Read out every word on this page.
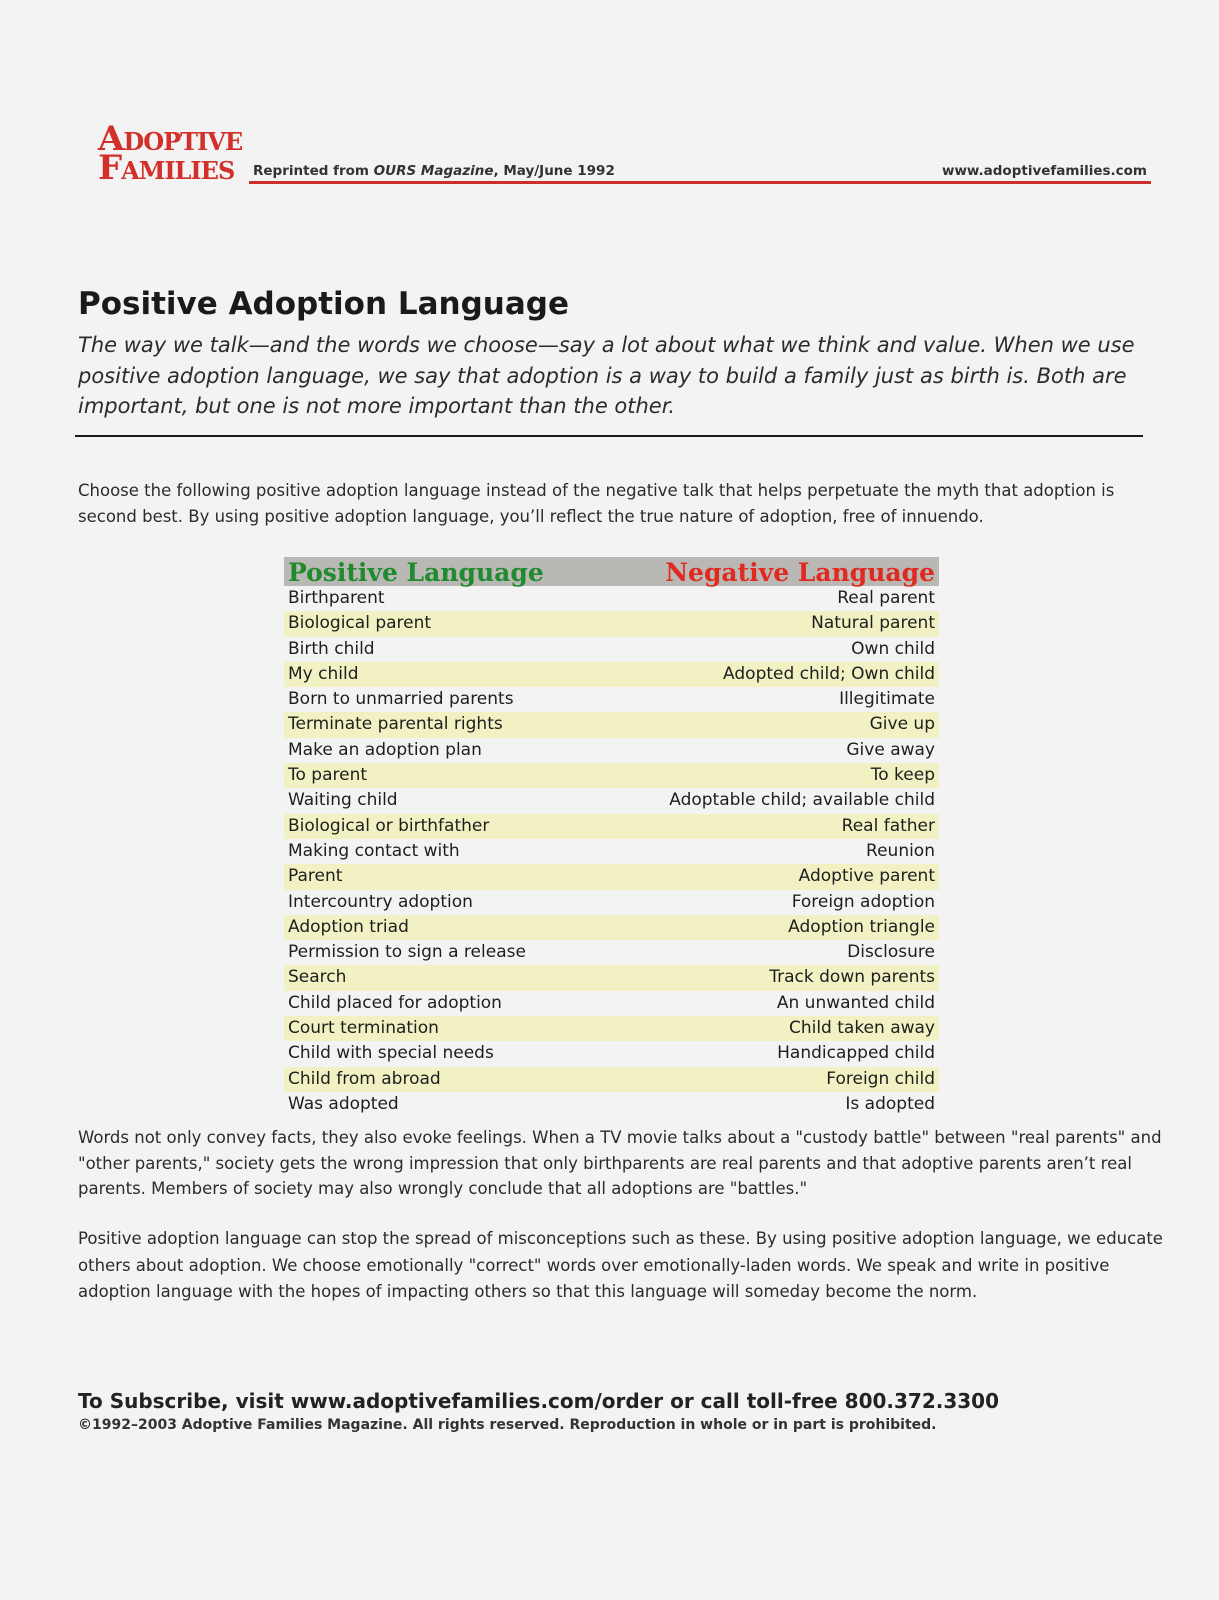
Adoptive
Families	Reprinted from OURS Magazine, May/June 1992	www.adoptivefamilies.com
Positive Adoption Language

The way we talk—and the words we choose—say a lot about what we think and value. When we use positive adoption language, we say that adoption is a way to build a family just as birth is. Both are important, but one is not more important than the other.

Choose the following positive adoption language instead of the negative talk that helps perpetuate the myth that adoption is second best. By using positive adoption language, you’ll reflect the true nature of adoption, free of innuendo.

Positive Language	Negative Language
Birthparent	Real parent
Biological parent	Natural parent
Birth child	Own child
My child	Adopted child; Own child
Born to unmarried parents	Illegitimate
Terminate parental rights	Give up
Make an adoption plan	Give away
To parent	To keep
Waiting child	Adoptable child; available child
Biological or birthfather	Real father
Making contact with	Reunion
Parent	Adoptive parent
Intercountry adoption	Foreign adoption
Adoption triad	Adoption triangle
Permission to sign a release	Disclosure
Search	Track down parents
Child placed for adoption	An unwanted child
Court termination	Child taken away
Child with special needs	Handicapped child
Child from abroad	Foreign child
Was adopted	Is adopted

Words not only convey facts, they also evoke feelings. When a TV movie talks about a "custody battle" between "real parents" and "other parents," society gets the wrong impression that only birthparents are real parents and that adoptive parents aren’t real parents. Members of society may also wrongly conclude that all adoptions are "battles."

Positive adoption language can stop the spread of misconceptions such as these. By using positive adoption language, we educate others about adoption. We choose emotionally "correct" words over emotionally-laden words. We speak and write in positive adoption language with the hopes of impacting others so that this language will someday become the norm.

To Subscribe, visit www.adoptivefamilies.com/order or call toll-free 800.372.3300

©1992–2003 Adoptive Families Magazine. All rights reserved. Reproduction in whole or in part is prohibited.
